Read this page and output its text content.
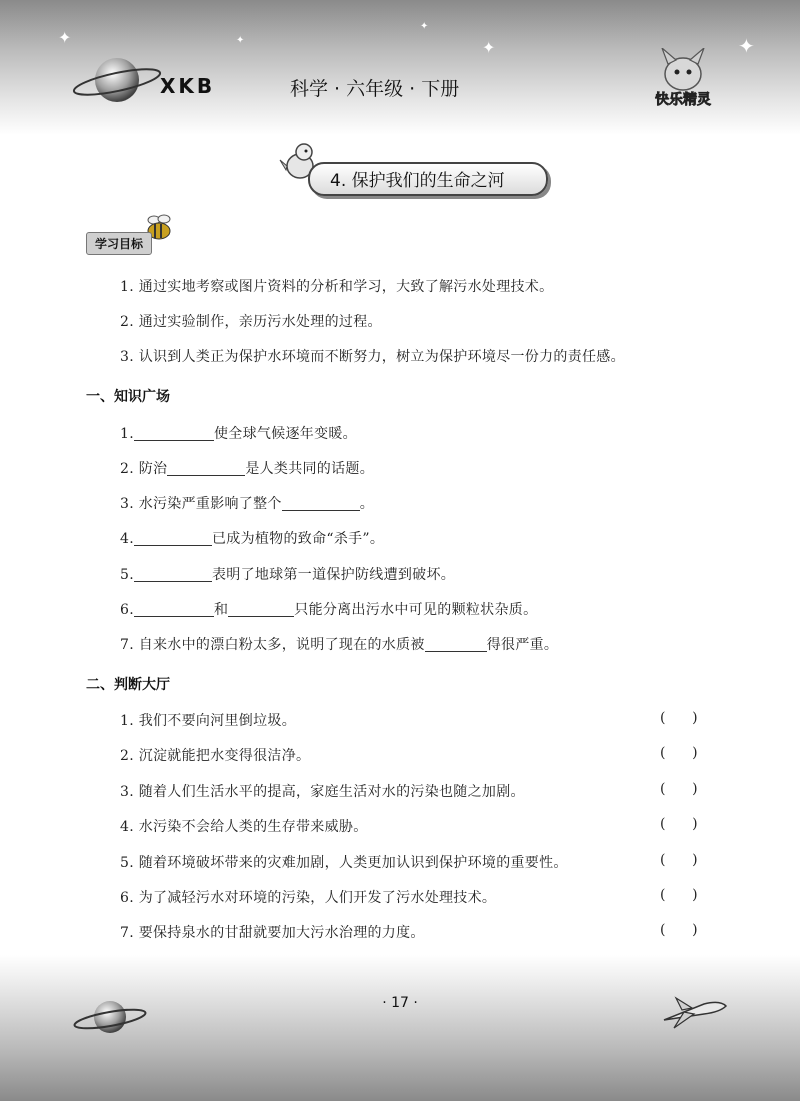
✦	✦	✦	✦
✦
XKB	科学 · 六年级 · 下册	快乐精灵
4. 保护我们的生命之河
学习目标
1. 通过实地考察或图片资料的分析和学习，大致了解污水处理技术。
2. 通过实验制作，亲历污水处理的过程。
3. 认识到人类正为保护水环境而不断努力，树立为保护环境尽一份力的责任感。
一、知识广场
1.	使全球气候逐年变暖。
2. 防治	是人类共同的话题。
3. 水污染严重影响了整个	。
4.	已成为植物的致命“杀手”。
5.	表明了地球第一道保护防线遭到破坏。
6.	和	只能分离出污水中可见的颗粒状杂质。
7. 自来水中的漂白粉太多，说明了现在的水质被	得很严重。
二、判断大厅
1. 我们不要向河里倒垃圾。	(      )
2. 沉淀就能把水变得很洁净。	(      )
3. 随着人们生活水平的提高，家庭生活对水的污染也随之加剧。	(      )
4. 水污染不会给人类的生存带来威胁。	(      )
5. 随着环境破坏带来的灾难加剧，人类更加认识到保护环境的重要性。	(      )
6. 为了减轻污水对环境的污染，人们开发了污水处理技术。	(      )
7. 要保持泉水的甘甜就要加大污水治理的力度。	(      )
· 17 ·
